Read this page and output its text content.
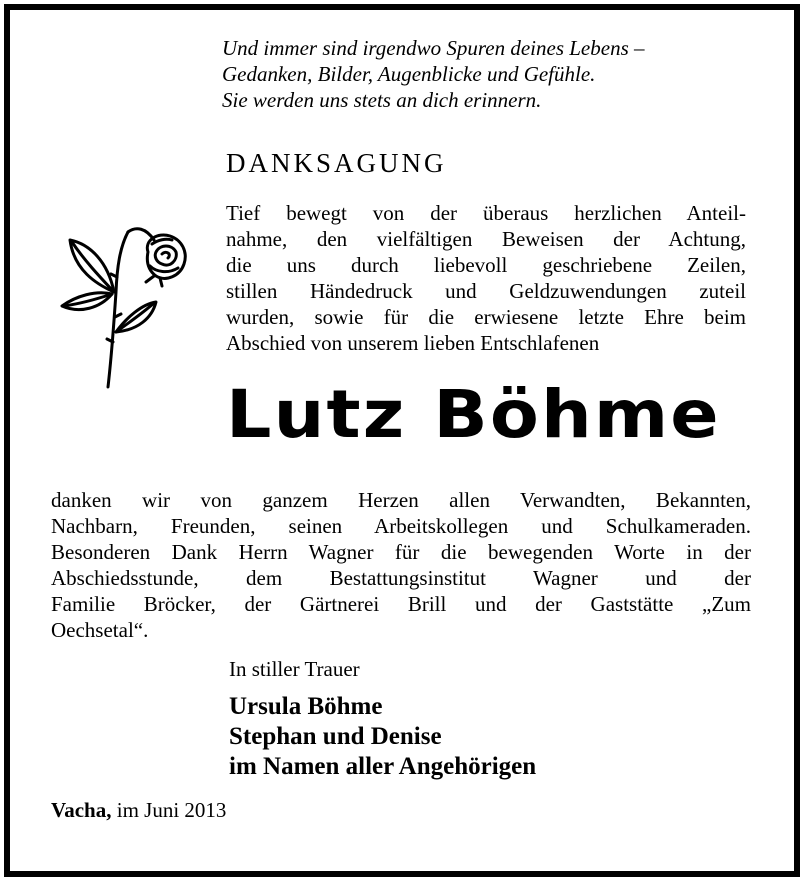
Und immer sind irgendwo Spuren deines Lebens –
Gedanken, Bilder, Augenblicke und Gefühle.
Sie werden uns stets an dich erinnern.
DANKSAGUNG
Tief bewegt von der überaus herzlichen Anteil-
nahme, den vielfältigen Beweisen der Achtung,
die uns durch liebevoll geschriebene Zeilen,
stillen Händedruck und Geldzuwendungen zuteil
wurden, sowie für die erwiesene letzte Ehre beim
Abschied von unserem lieben Entschlafenen
Lutz Böhme
danken wir von ganzem Herzen allen Verwandten, Bekannten,
Nachbarn, Freunden, seinen Arbeitskollegen und Schulkameraden.
Besonderen Dank Herrn Wagner für die bewegenden Worte in der
Abschiedsstunde, dem Bestattungsinstitut Wagner und der
Familie Bröcker, der Gärtnerei Brill und der Gaststätte „Zum
Oechsetal“.
In stiller Trauer
Ursula Böhme
Stephan und Denise
im Namen aller Angehörigen
Vacha, im Juni 2013
